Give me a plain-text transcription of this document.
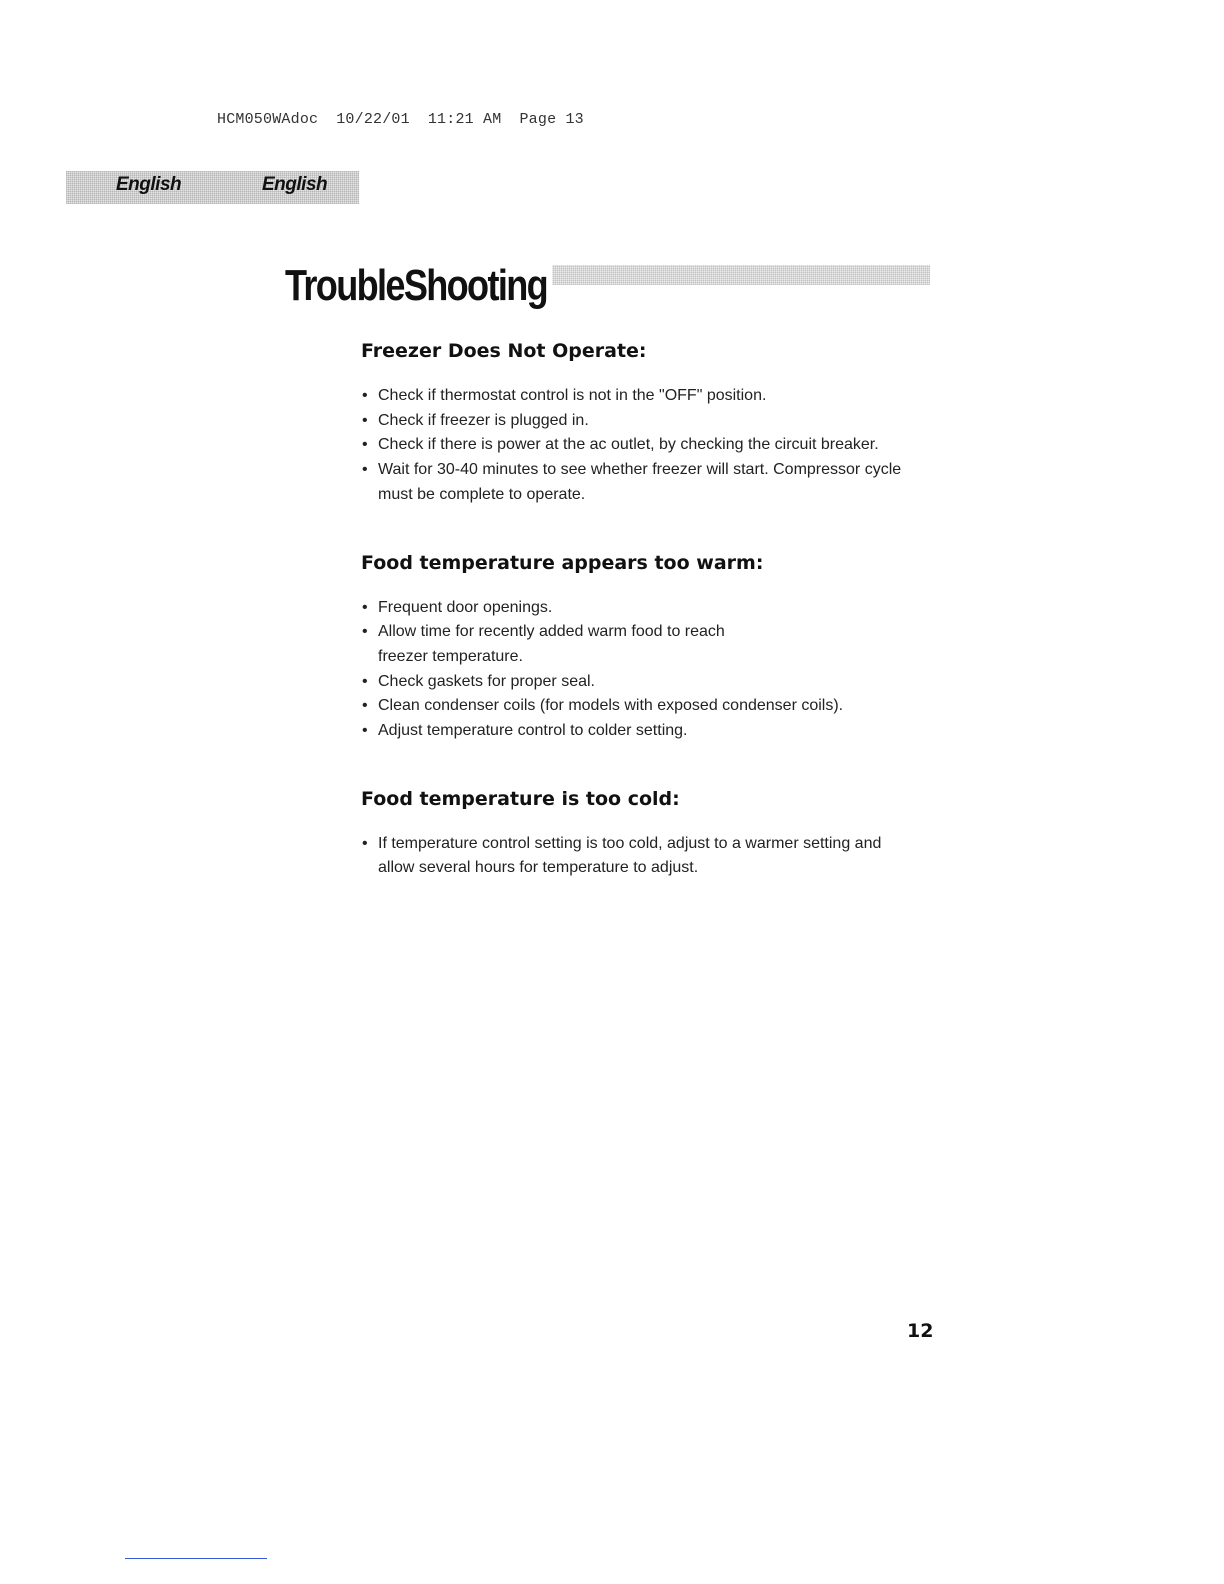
HCM050WAdoc 10/22/01 11:21 AM Page 13
English	English
TroubleShooting
Freezer Does Not Operate:
• Check if thermostat control is not in the "OFF" position.
• Check if freezer is plugged in.
• Check if there is power at the ac outlet, by checking the circuit breaker.
• Wait for 30-40 minutes to see whether freezer will start. Compressor cycle must be complete to operate.
Food temperature appears too warm:
• Frequent door openings.
• Allow time for recently added warm food to reach freezer temperature.
• Check gaskets for proper seal.
• Clean condenser coils (for models with exposed condenser coils).
• Adjust temperature control to colder setting.
Food temperature is too cold:
• If temperature control setting is too cold, adjust to a warmer setting and allow several hours for temperature to adjust.
12
